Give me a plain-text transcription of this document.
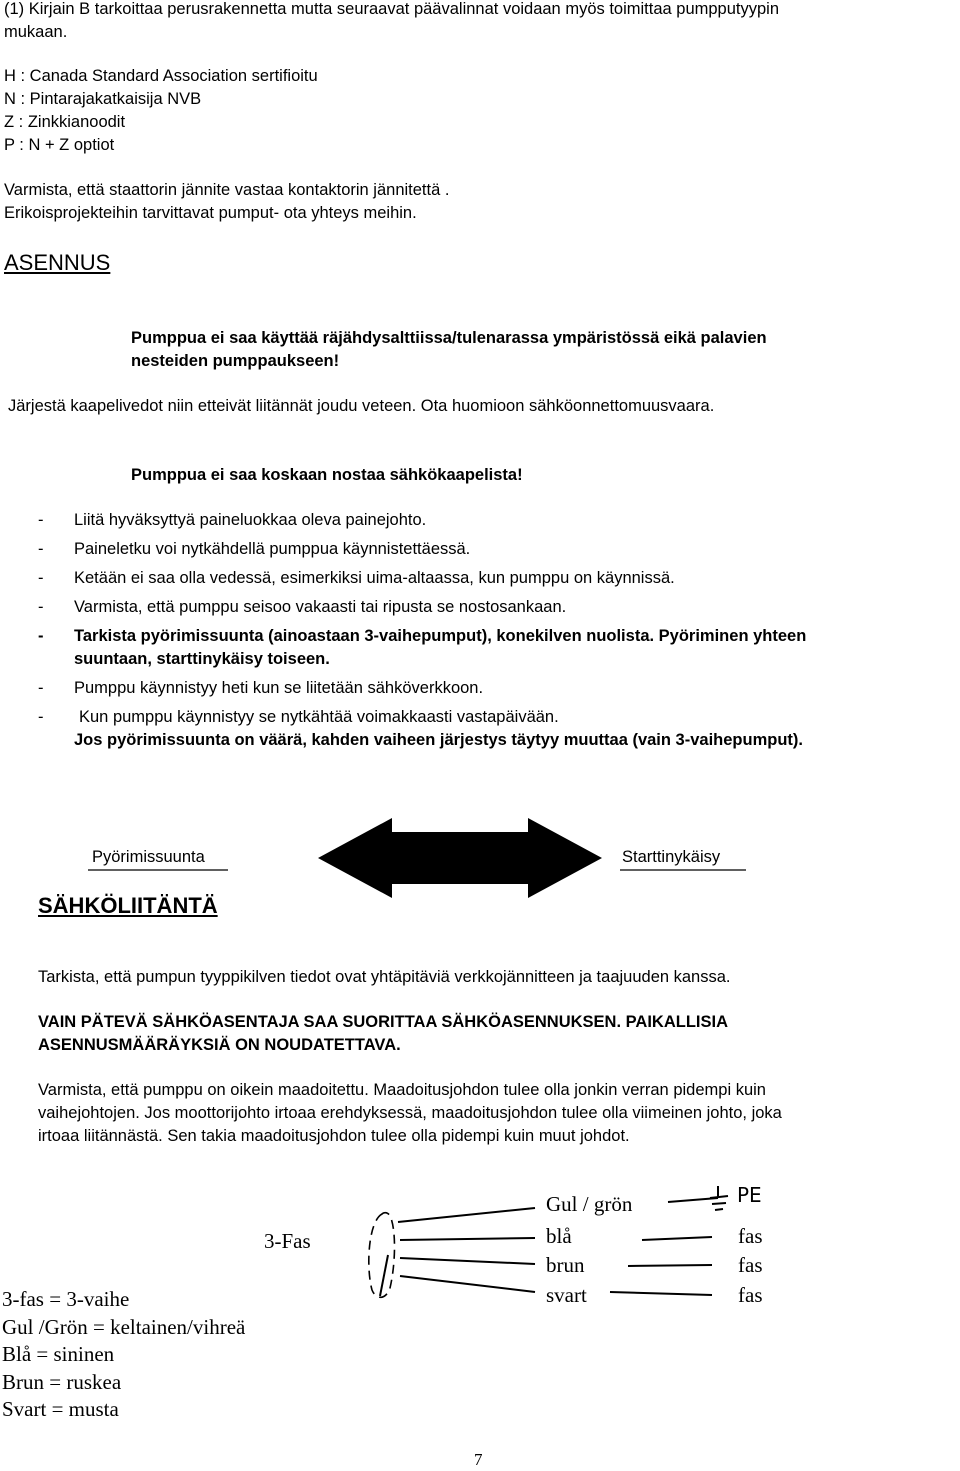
(1) Kirjain B tarkoittaa perusrakennetta mutta seuraavat päävalinnat voidaan myös toimittaa pumpputyypin
mukaan.
H : Canada Standard Association sertifioitu
N : Pintarajakatkaisija NVB
Z : Zinkkianoodit
P : N + Z optiot
Varmista, että staattorin jännite vastaa kontaktorin jännitettä .
Erikoisprojekteihin tarvittavat pumput- ota yhteys meihin.
ASENNUS
Pumppua ei saa käyttää räjähdysalttiissa/tulenarassa ympäristössä eikä palavien
nesteiden pumppaukseen!
Järjestä kaapelivedot niin etteivät liitännät joudu veteen. Ota huomioon sähköonnettomuusvaara.
Pumppua ei saa koskaan nostaa sähkökaapelista!
- Liitä hyväksyttyä paineluokkaa oleva painejohto.
- Paineletku voi nytkähdellä pumppua käynnistettäessä.
- Ketään ei saa olla vedessä, esimerkiksi uima-altaassa, kun pumppu on käynnissä.
- Varmista, että pumppu seisoo vakaasti tai ripusta se nostosankaan.
- Tarkista pyörimissuunta (ainoastaan 3-vaihepumput), konekilven nuolista. Pyöriminen yhteen
suuntaan, starttinykäisy toiseen.
- Pumppu käynnistyy heti kun se liitetään sähköverkkoon.
- Kun pumppu käynnistyy se nytkähtää voimakkaasti vastapäivään.
Jos pyörimissuunta on väärä, kahden vaiheen järjestys täytyy muuttaa (vain 3-vaihepumput).
Pyörimissuunta	Starttinykäisy
SÄHKÖLIITÄNTÄ
Tarkista, että pumpun tyyppikilven tiedot ovat yhtäpitäviä verkkojännitteen ja taajuuden kanssa.
VAIN PÄTEVÄ SÄHKÖASENTAJA SAA SUORITTAA SÄHKÖASENNUKSEN. PAIKALLISIA
ASENNUSMÄÄRÄYKSIÄ ON NOUDATETTAVA.
Varmista, että pumppu on oikein maadoitettu. Maadoitusjohdon tulee olla jonkin verran pidempi kuin
vaihejohtojen. Jos moottorijohto irtoaa erehdyksessä, maadoitusjohdon tulee olla viimeinen johto, joka
irtoaa liitännästä. Sen takia maadoitusjohdon tulee olla pidempi kuin muut johdot.
3-Fas
Gul / grön
blå
brun
svart
PE
fas
fas
fas
3-fas = 3-vaihe
Gul /Grön = keltainen/vihreä
Blå = sininen
Brun = ruskea
Svart = musta
7
